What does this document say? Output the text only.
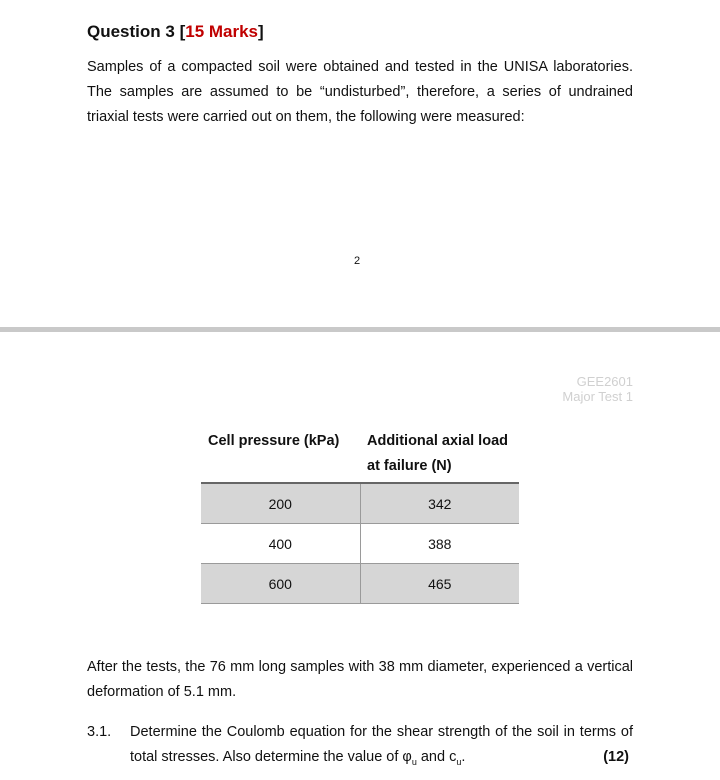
Question 3 [15 Marks]
Samples of a compacted soil were obtained and tested in the UNISA laboratories. The samples are assumed to be “undisturbed”, therefore, a series of undrained triaxial tests were carried out on them, the following were measured:
2
GEE2601
Major Test 1
Cell pressure (kPa)	Additional axial load at failure (N)
200	342
400	388
600	465
After the tests, the 76 mm long samples with 38 mm diameter, experienced a vertical deformation of 5.1 mm.
3.1. Determine the Coulomb equation for the shear strength of the soil in terms of total stresses. Also determine the value of $\varphi_u$ and $c_u$.	(12)
